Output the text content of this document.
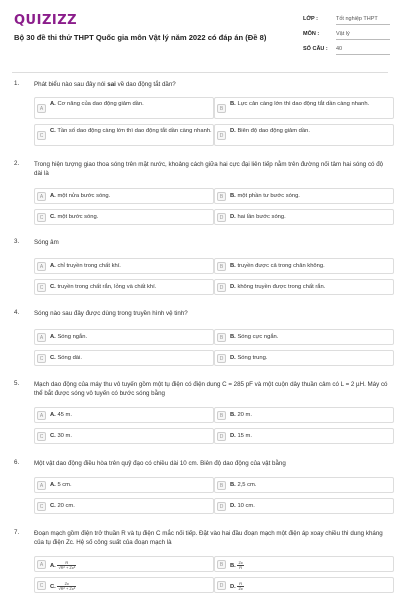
QUIZIZZ
Bộ 30 đề thi thử THPT Quốc gia môn Vật lý năm 2022 có đáp án (Đề 8)
LỚP :	Tốt nghiệp THPT
MÔN :	Vật lý
SỐ CÂU : 40
1. Phát biểu nào sau đây nói sai về dao động tắt dần?
A
A. Cơ năng của dao động giảm dần.
B
B. Lực cản càng lớn thì dao động tắt dần càng nhanh.
C
C. Tần số dao động càng lớn thì dao động tắt dần càng nhanh.
D
D. Biên độ dao động giảm dần.
2. Trong hiện tượng giao thoa sóng trên mặt nước, khoảng cách giữa hai cực đại liên tiếp nằm trên đường nối tâm hai sóng có độ dài là
A	A. một nửa bước sóng.	B	B. một phần tư bước sóng.
C	C. một bước sóng.	D	D. hai lần bước sóng.
3. Sóng âm
A	A. chỉ truyền trong chất khí.	B	B. truyền được cả trong chân không.
C	C. truyền trong chất rắn, lỏng và chất khí.	D	D. không truyền được trong chất rắn.
4. Sóng nào sau đây được dùng trong truyền hình vệ tinh?
A	A. Sóng ngắn.	B	B. Sóng cực ngắn.
C	C. Sóng dài.	D	D. Sóng trung.
5. Mạch dao động của máy thu vô tuyến gồm một tụ điện có điện dung C = 285 pF và một cuộn dây thuần cảm có L = 2 µH. Máy có thể bắt được sóng vô tuyến có bước sóng bằng
A	A. 45 m.	B	B. 20 m.
C	C. 30 m.	D	D. 15 m.
6. Một vật dao động điều hòa trên quỹ đạo có chiều dài 10 cm. Biên độ dao động của vật bằng
A	A. 5 cm.	B	B. 2,5 cm.
C	C. 20 cm.	D	D. 10 cm.
7. Đoạn mạch gồm điện trở thuần R và tụ điện C mắc nối tiếp. Đặt vào hai đầu đoạn mạch một điện áp xoay chiều thì dung kháng của tụ điện Zc. Hệ số công suất của đoạn mạch là
A	A. $\frac{R}{\text{√R² + Zc²}}$	B	B. $\frac{Zc}{R}$
C	C. $\frac{Zc}{\text{√R² + Zc²}}$	D	D. $\frac{R}{Zc}$
